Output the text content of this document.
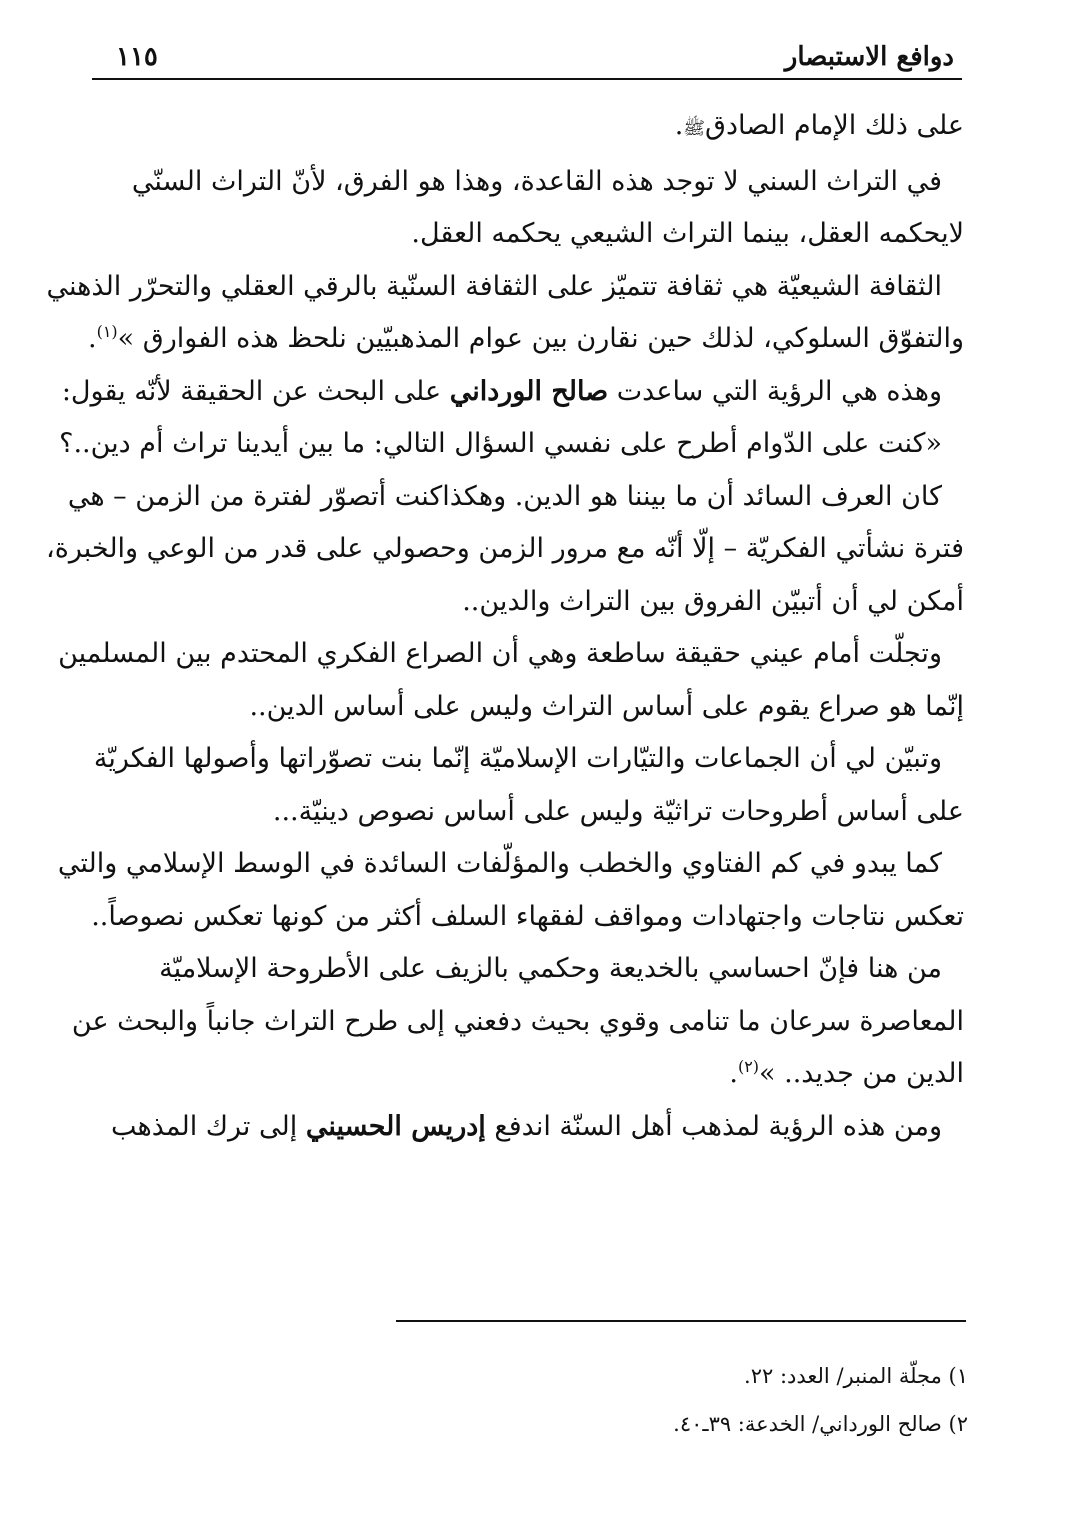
دوافع الاستبصار
١١٥
على ذلك الإمام الصادقﷺ.
في التراث السني لا توجد هذه القاعدة، وهذا هو الفرق، لأنّ التراث السنّي
لايحكمه العقل، بينما التراث الشيعي يحكمه العقل.
الثقافة الشيعيّة هي ثقافة تتميّز على الثقافة السنّية بالرقي العقلي والتحرّر الذهني
والتفوّق السلوكي، لذلك حين نقارن بين عوام المذهبيّين نلحظ هذه الفوارق »$^{(١)}$.
وهذه هي الرؤية التي ساعدت صالح الورداني على البحث عن الحقيقة لأنّه يقول:
«كنت على الدّوام أطرح على نفسي السؤال التالي: ما بين أيدينا تراث أم دين..؟
كان العرف السائد أن ما بيننا هو الدين. وهكذاكنت أتصوّر لفترة من الزمن – هي
فترة نشأتي الفكريّة – إلّا أنّه مع مرور الزمن وحصولي على قدر من الوعي والخبرة،
أمكن لي أن أتبيّن الفروق بين التراث والدين..
وتجلّت أمام عيني حقيقة ساطعة وهي أن الصراع الفكري المحتدم بين المسلمين
إنّما هو صراع يقوم على أساس التراث وليس على أساس الدين..
وتبيّن لي أن الجماعات والتيّارات الإسلاميّة إنّما بنت تصوّراتها وأصولها الفكريّة
على أساس أطروحات تراثيّة وليس على أساس نصوص دينيّة...
كما يبدو في كم الفتاوي والخطب والمؤلّفات السائدة في الوسط الإسلامي والتي
تعكس نتاجات واجتهادات ومواقف لفقهاء السلف أكثر من كونها تعكس نصوصاً..
من هنا فإنّ احساسي بالخديعة وحكمي بالزيف على الأطروحة الإسلاميّة
المعاصرة سرعان ما تنامى وقوي بحيث دفعني إلى طرح التراث جانباً والبحث عن
الدين من جديد.. »$^{(٢)}$.
ومن هذه الرؤية لمذهب أهل السنّة اندفع إدريس الحسيني إلى ترك المذهب
١) مجلّة المنبر/ العدد: ٢٢.
٢) صالح الورداني/ الخدعة: ٣٩ـ٤٠.
